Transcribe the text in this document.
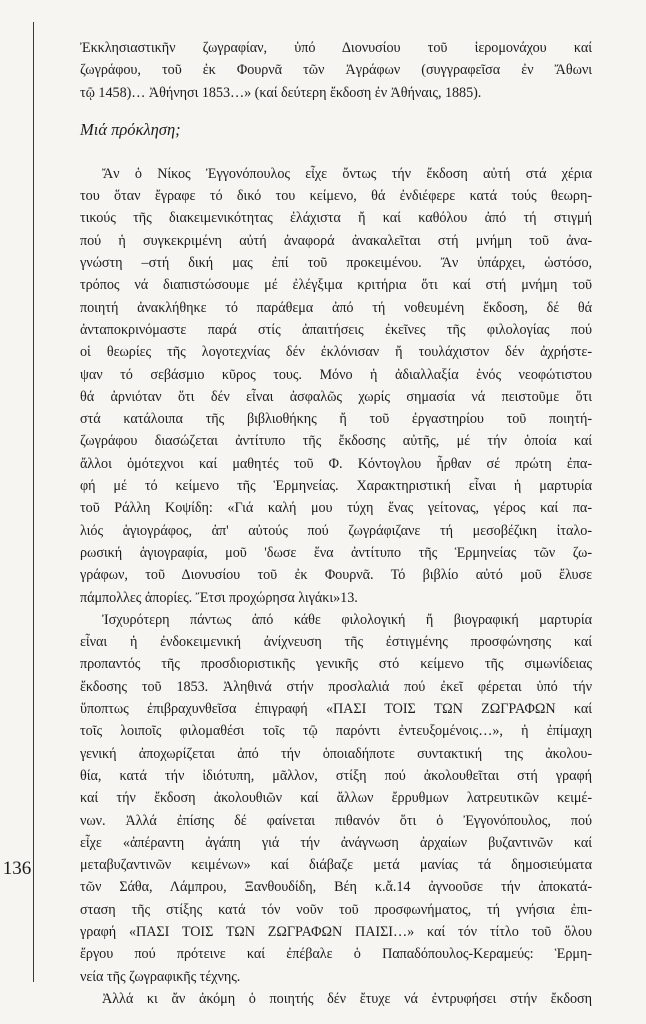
136
Ἐκκλησιαστικῆν ζωγραφίαν, ὑπό Διονυσίου τοῦ ἱερομονάχου καί
ζωγράφου, τοῦ ἐκ Φουρνᾶ τῶν Ἀγράφων (συγγραφεῖσα ἐν Ἄθωνι
τῷ 1458)… Ἀθήνησι 1853…» (καί δεύτερη ἔκδοση ἐν Ἀθήναις, 1885).
Μιά πρόκληση;
Ἄν ὁ Νίκος Ἐγγονόπουλος εἶχε ὄντως τήν ἔκδοση αὐτή στά χέρια
του ὅταν ἔγραφε τό δικό του κείμενο, θά ἐνδιέφερε κατά τούς θεωρη-
τικούς τῆς διακειμενικότητας ἐλάχιστα ἤ καί καθόλου ἀπό τή στιγμή
πού ἡ συγκεκριμένη αὐτή ἀναφορά ἀνακαλεῖται στή μνήμη τοῦ ἀνα-
γνώστη –στή δική μας ἐπί τοῦ προκειμένου. Ἄν ὑπάρχει, ὡστόσο,
τρόπος νά διαπιστώσουμε μέ ἐλέγξιμα κριτήρια ὅτι καί στή μνήμη τοῦ
ποιητή ἀνακλήθηκε τό παράθεμα ἀπό τή νοθευμένη ἔκδοση, δέ θά
ἀνταποκρινόμαστε παρά στίς ἀπαιτήσεις ἐκεῖνες τῆς φιλολογίας πού
οἱ θεωρίες τῆς λογοτεχνίας δέν ἐκλόνισαν ἤ τουλάχιστον δέν ἀχρήστε-
ψαν τό σεβάσμιο κῦρος τους. Μόνο ἡ ἀδιαλλαξία ἑνός νεοφώτιστου
θά ἀρνιόταν ὅτι δέν εἶναι ἀσφαλῶς χωρίς σημασία νά πειστοῦμε ὅτι
στά κατάλοιπα τῆς βιβλιοθήκης ἤ τοῦ ἐργαστηρίου τοῦ ποιητή-
ζωγράφου διασώζεται ἀντίτυπο τῆς ἔκδοσης αὐτῆς, μέ τήν ὁποία καί
ἄλλοι ὁμότεχνοι καί μαθητές τοῦ Φ. Κόντογλου ἦρθαν σέ πρώτη ἐπα-
φή μέ τό κείμενο τῆς Ἑρμηνείας. Χαρακτηριστική εἶναι ἡ μαρτυρία
τοῦ Ράλλη Κοψίδη: «Γιά καλή μου τύχη ἕνας γείτονας, γέρος καί πα-
λιός ἁγιογράφος, ἀπ' αὐτούς πού ζωγράφιζανε τή μεσοβέζικη ἰταλο-
ρωσική ἁγιογραφία, μοῦ 'δωσε ἕνα ἀντίτυπο τῆς Ἑρμηνείας τῶν ζω-
γράφων, τοῦ Διονυσίου τοῦ ἐκ Φουρνᾶ. Τό βιβλίο αὐτό μοῦ ἔλυσε
πάμπολλες ἀπορίες. Ἔτσι προχώρησα λιγάκι»13.
Ἰσχυρότερη πάντως ἀπό κάθε φιλολογική ἤ βιογραφική μαρτυρία
εἶναι ἡ ἐνδοκειμενική ἀνίχνευση τῆς ἐστιγμένης προσφώνησης καί
προπαντός τῆς προσδιοριστικῆς γενικῆς στό κείμενο τῆς σιμωνίδειας
ἔκδοσης τοῦ 1853. Ἀληθινά στήν προσλαλιά πού ἐκεῖ φέρεται ὑπό τήν
ὕποπτως ἐπιβραχυνθεῖσα ἐπιγραφή «ΠΑΣΙ ΤΟΙΣ ΤΩΝ ΖΩΓΡΑΦΩΝ καί
τοῖς λοιποῖς φιλομαθέσι τοῖς τῷ παρόντι ἐντευξομένοις…», ἡ ἐπίμαχη
γενική ἀποχωρίζεται ἀπό τήν ὁποιαδήποτε συντακτική της ἀκολου-
θία, κατά τήν ἰδιότυπη, μᾶλλον, στίξη πού ἀκολουθεῖται στή γραφή
καί τήν ἔκδοση ἀκολουθιῶν καί ἄλλων ἔρρυθμων λατρευτικῶν κειμέ-
νων. Ἀλλά ἐπίσης δέ φαίνεται πιθανόν ὅτι ὁ Ἐγγονόπουλος, πού
εἶχε «ἀπέραντη ἀγάπη γιά τήν ἀνάγνωση ἀρχαίων βυζαντινῶν καί
μεταβυζαντινῶν κειμένων» καί διάβαζε μετά μανίας τά δημοσιεύματα
τῶν Σάθα, Λάμπρου, Ξανθουδίδη, Βέη κ.ἄ.14 ἀγνοοῦσε τήν ἀποκατά-
σταση τῆς στίξης κατά τόν νοῦν τοῦ προσφωνήματος, τή γνήσια ἐπι-
γραφή «ΠΑΣΙ ΤΟΙΣ ΤΩΝ ΖΩΓΡΑΦΩΝ ΠΑΙΣΙ…» καί τόν τίτλο τοῦ ὅλου
ἔργου πού πρότεινε καί ἐπέβαλε ὁ Παπαδόπουλος-Κεραμεύς: Ἑρμη-
νεία τῆς ζωγραφικῆς τέχνης.
Ἀλλά κι ἄν ἀκόμη ὁ ποιητής δέν ἔτυχε νά ἐντρυφήσει στήν ἔκδοση
